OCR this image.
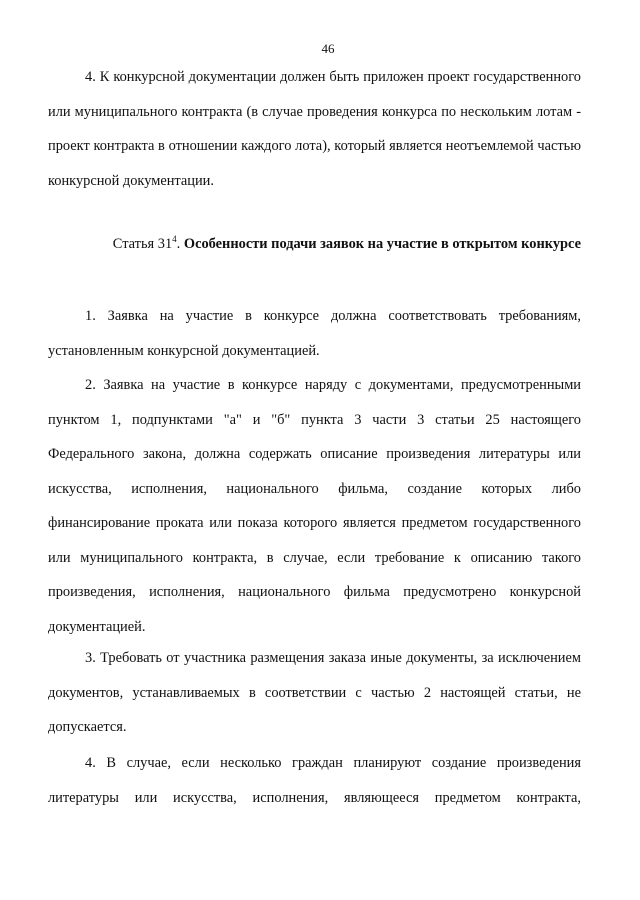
46

4. К конкурсной документации должен быть приложен проект государственного или муниципального контракта (в случае проведения конкурса по нескольким лотам - проект контракта в отношении каждого лота), который является неотъемлемой частью конкурсной документации.

Статья $31^4$. Особенности подачи заявок на участие в открытом конкурсе

1. Заявка на участие в конкурсе должна соответствовать требованиям, установленным конкурсной документацией.

2. Заявка на участие в конкурсе наряду с документами, предусмотренными пунктом 1, подпунктами "а" и "б" пункта 3 части 3 статьи 25 настоящего Федерального закона, должна содержать описание произведения литературы или искусства, исполнения, национального фильма, создание которых либо финансирование проката или показа которого является предметом государственного или муниципального контракта, в случае, если требование к описанию такого произведения, исполнения, национального фильма предусмотрено конкурсной документацией.

3. Требовать от участника размещения заказа иные документы, за исключением документов, устанавливаемых в соответствии с частью 2 настоящей статьи, не допускается.

4. В случае, если несколько граждан планируют создание произведения литературы или искусства, исполнения, являющееся предметом контракта,
